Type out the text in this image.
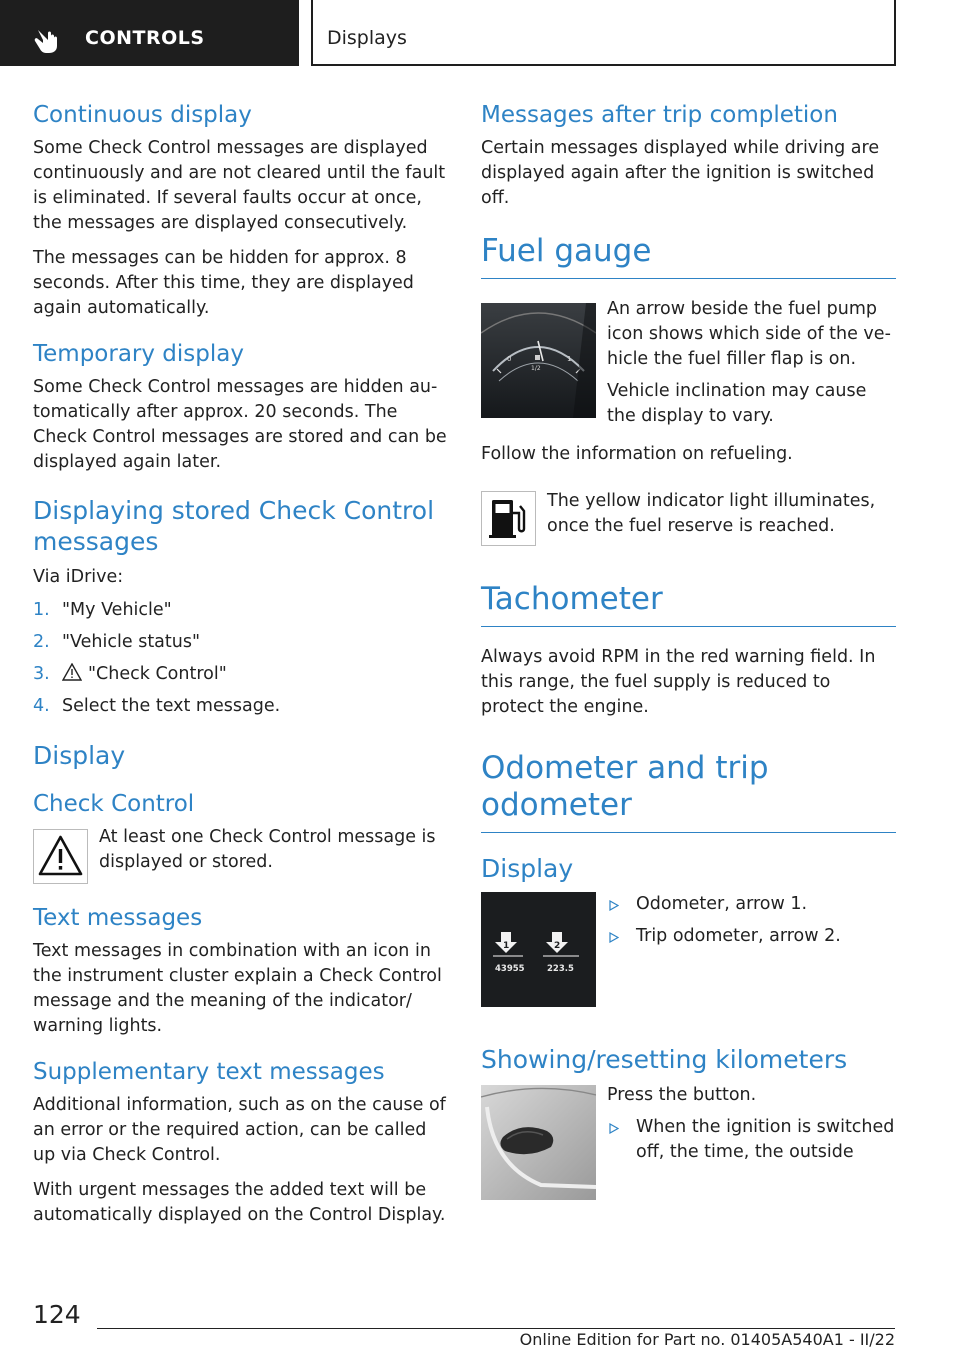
CONTROLS	Displays
Continuous display

Some Check Control messages are displayed continuously and are not cleared until the fault is eliminated. If several faults occur at once, the messages are displayed consecutively.

The messages can be hidden for approx. 8 seconds. After this time, they are displayed again automatically.

Temporary display

Some Check Control messages are hidden automatically after approx. 20 seconds. The Check Control messages are stored and can be displayed again later.

Displaying stored Check Control messages

Via iDrive:

1. "My Vehicle"
2. "Vehicle status"
3. "Check Control"
4. Select the text message.
Display
Check Control

At least one Check Control message is displayed or stored.

Text messages

Text messages in combination with an icon in the instrument cluster explain a Check Control message and the meaning of the indicator/ warning lights.

Supplementary text messages

Additional information, such as on the cause of an error or the required action, can be called up via Check Control.

With urgent messages the added text will be automatically displayed on the Control Display.

Messages after trip completion

Certain messages displayed while driving are displayed again after the ignition is switched off.

Fuel gauge
0
1/2
1

An arrow beside the fuel pump icon shows which side of the vehicle the fuel filler flap is on.

Vehicle inclination may cause the display to vary.

Follow the information on refueling.

The yellow indicator light illuminates, once the fuel reserve is reached.

Tachometer

Always avoid RPM in the red warning field. In this range, the fuel supply is reduced to protect the engine.

Odometer and trip odometer
Display
1	2
43955	223.5
Odometer, arrow 1.
Trip odometer, arrow 2.
Showing/resetting kilometers

Press the button.

When the ignition is switched off, the time, the outside
124
Online Edition for Part no. 01405A540A1 - II/22
